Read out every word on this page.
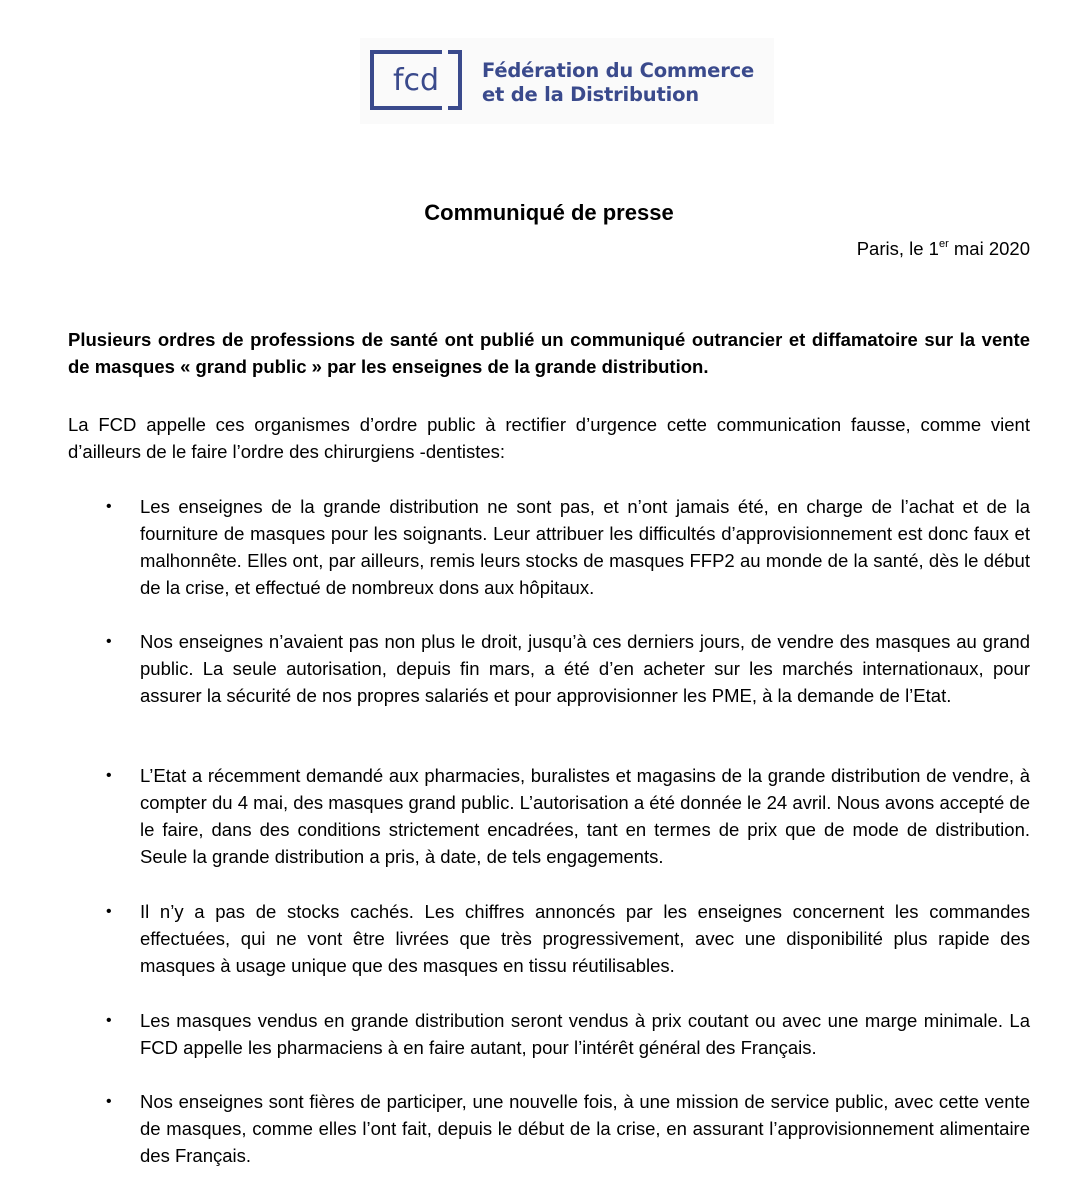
fcd	Fédération du Commerce
et de la Distribution
Communiqué de presse
Paris, le 1er mai 2020
Plusieurs ordres de professions de santé ont publié un communiqué outrancier et diffamatoire sur la vente de masques « grand public » par les enseignes de la grande distribution.
La FCD appelle ces organismes d’ordre public à rectifier d’urgence cette communication fausse, comme vient d’ailleurs de le faire l’ordre des chirurgiens -dentistes:
• Les enseignes de la grande distribution ne sont pas, et n’ont jamais été, en charge de l’achat et de la fourniture de masques pour les soignants. Leur attribuer les difficultés d’approvisionnement est donc faux et malhonnête. Elles ont, par ailleurs, remis leurs stocks de masques FFP2 au monde de la santé, dès le début de la crise, et effectué de nombreux dons aux hôpitaux.
• Nos enseignes n’avaient pas non plus le droit, jusqu’à ces derniers jours, de vendre des masques au grand public. La seule autorisation, depuis fin mars, a été d’en acheter sur les marchés internationaux, pour assurer la sécurité de nos propres salariés et pour approvisionner les PME, à la demande de l’Etat.
• L’Etat a récemment demandé aux pharmacies, buralistes et magasins de la grande distribution de vendre, à compter du 4 mai, des masques grand public. L’autorisation a été donnée le 24 avril. Nous avons accepté de le faire, dans des conditions strictement encadrées, tant en termes de prix que de mode de distribution. Seule la grande distribution a pris, à date, de tels engagements.
• Il n’y a pas de stocks cachés. Les chiffres annoncés par les enseignes concernent les commandes effectuées, qui ne vont être livrées que très progressivement, avec une disponibilité plus rapide des masques à usage unique que des masques en tissu réutilisables.
• Les masques vendus en grande distribution seront vendus à prix coutant ou avec une marge minimale. La FCD appelle les pharmaciens à en faire autant, pour l’intérêt général des Français.
• Nos enseignes sont fières de participer, une nouvelle fois, à une mission de service public, avec cette vente de masques, comme elles l’ont fait, depuis le début de la crise, en assurant l’approvisionnement alimentaire des Français.
